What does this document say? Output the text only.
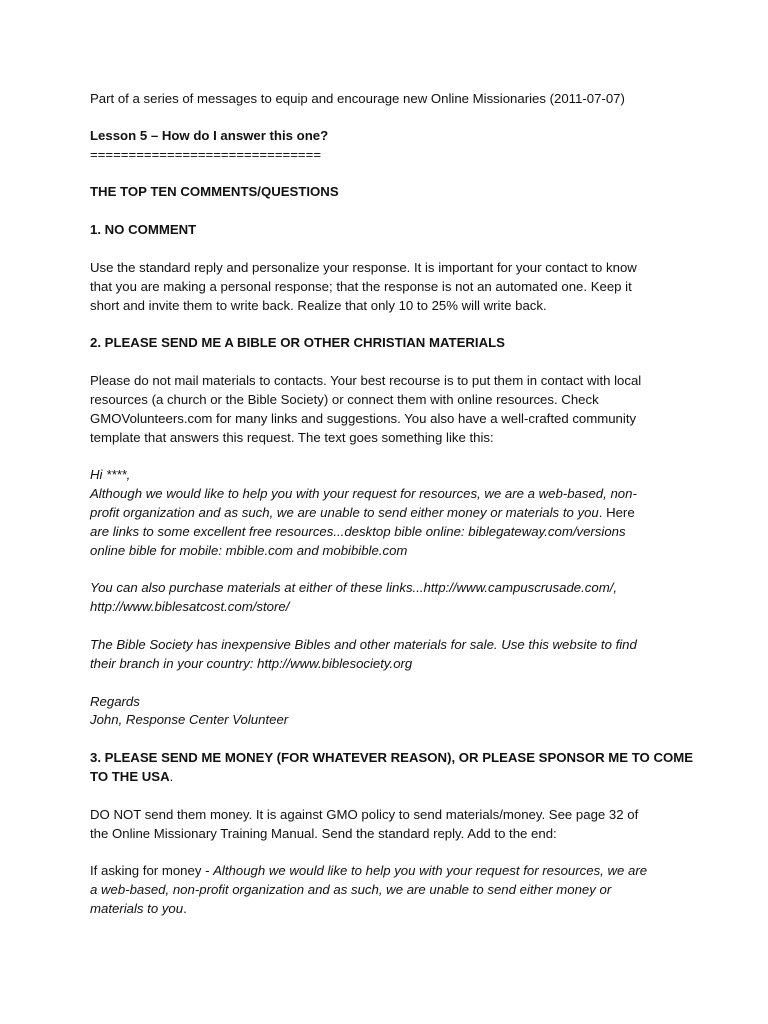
Part of a series of messages to equip and encourage new Online Missionaries (2011-07-07)
Lesson 5 – How do I answer this one?
==============================
THE TOP TEN COMMENTS/QUESTIONS
1. NO COMMENT
Use the standard reply and personalize your response. It is important for your contact to know
that you are making a personal response; that the response is not an automated one. Keep it
short and invite them to write back. Realize that only 10 to 25% will write back.
2. PLEASE SEND ME A BIBLE OR OTHER CHRISTIAN MATERIALS
Please do not mail materials to contacts. Your best recourse is to put them in contact with local
resources (a church or the Bible Society) or connect them with online resources. Check
GMOVolunteers.com for many links and suggestions. You also have a well-crafted community
template that answers this request. The text goes something like this:
Hi ****,
Although we would like to help you with your request for resources, we are a web-based, non-
profit organization and as such, we are unable to send either money or materials to you. Here
are links to some excellent free resources...desktop bible online: biblegateway.com/versions
online bible for mobile: mbible.com and mobibible.com
You can also purchase materials at either of these links...http://www.campuscrusade.com/,
http://www.biblesatcost.com/store/
The Bible Society has inexpensive Bibles and other materials for sale. Use this website to find
their branch in your country: http://www.biblesociety.org
Regards
John, Response Center Volunteer
3. PLEASE SEND ME MONEY (FOR WHATEVER REASON), OR PLEASE SPONSOR ME TO COME
TO THE USA.
DO NOT send them money. It is against GMO policy to send materials/money. See page 32 of
the Online Missionary Training Manual. Send the standard reply. Add to the end:
If asking for money - Although we would like to help you with your request for resources, we are
a web-based, non-profit organization and as such, we are unable to send either money or
materials to you.
